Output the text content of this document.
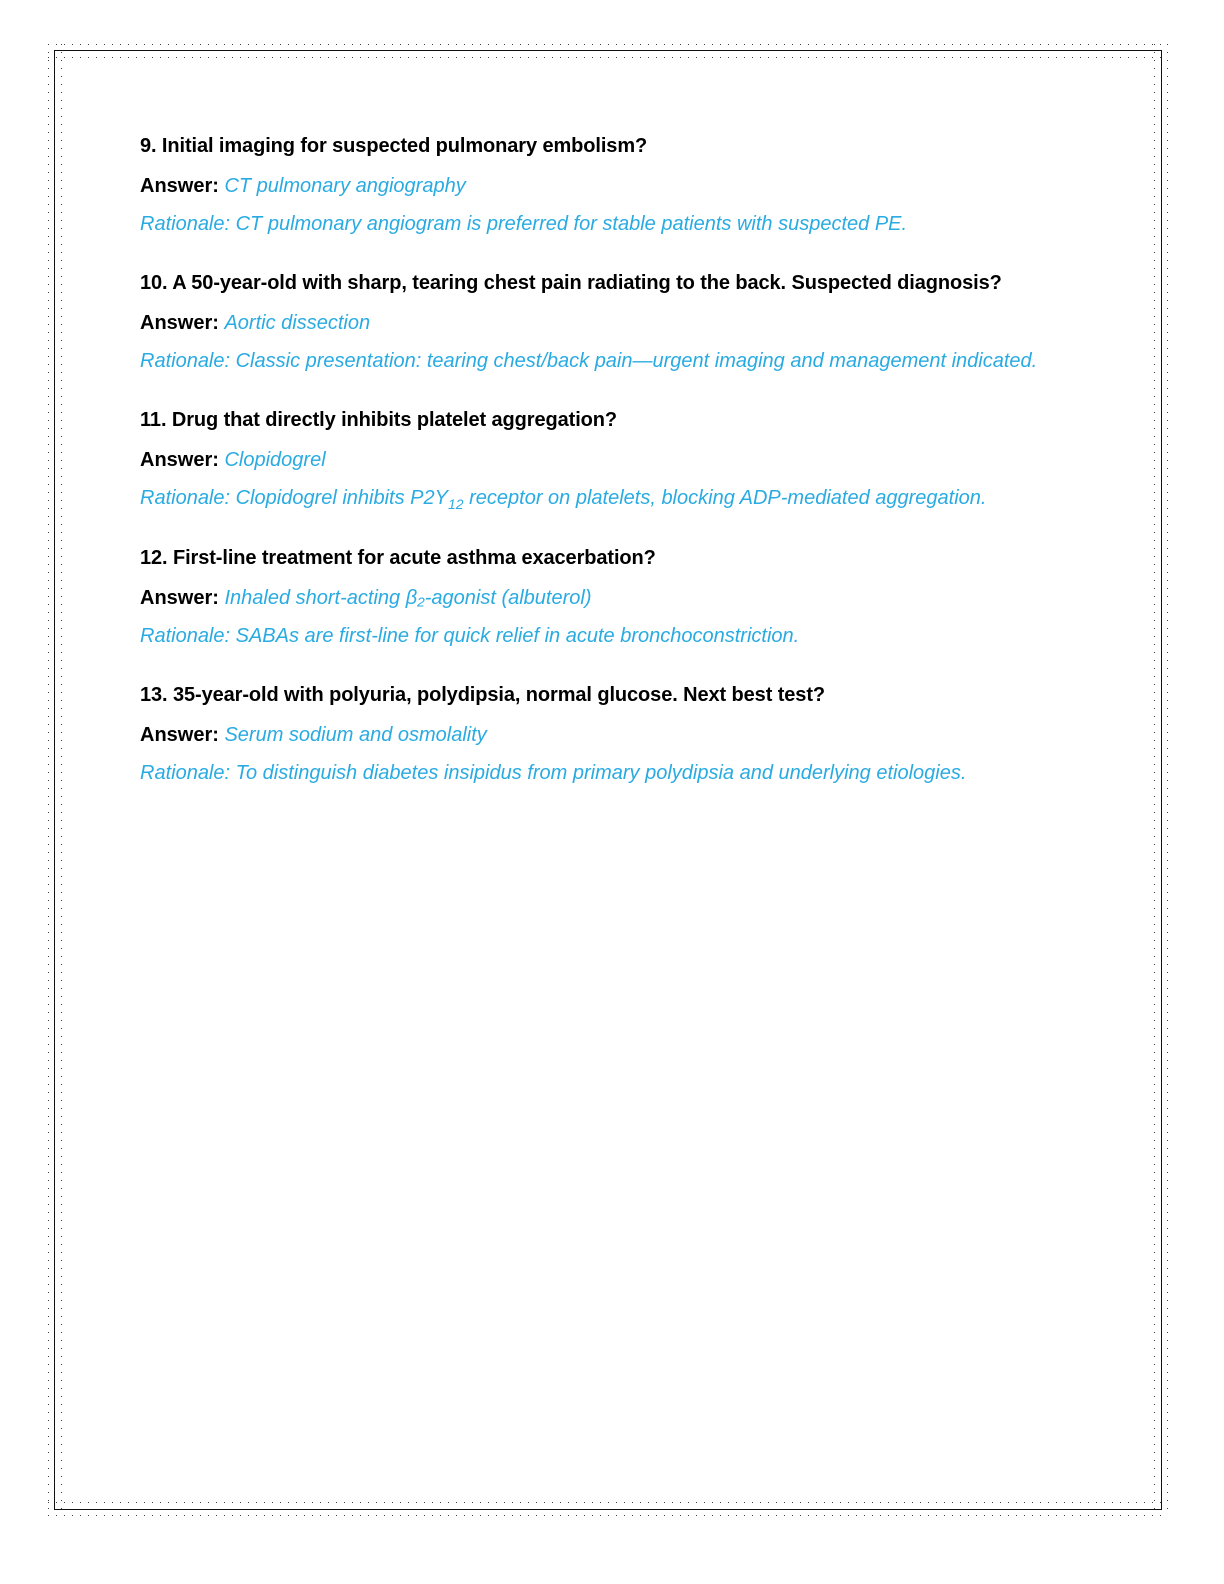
9. Initial imaging for suspected pulmonary embolism?

Answer: CT pulmonary angiography

Rationale: CT pulmonary angiogram is preferred for stable patients with suspected PE.

10. A 50-year-old with sharp, tearing chest pain radiating to the back. Suspected diagnosis?

Answer: Aortic dissection

Rationale: Classic presentation: tearing chest/back pain—urgent imaging and management indicated.

11. Drug that directly inhibits platelet aggregation?

Answer: Clopidogrel

Rationale: Clopidogrel inhibits $P2Y_{12}$ receptor on platelets, blocking ADP-mediated aggregation.

12. First-line treatment for acute asthma exacerbation?

Answer: Inhaled short-acting β₂-agonist (albuterol)

Rationale: SABAs are first-line for quick relief in acute bronchoconstriction.

13. 35-year-old with polyuria, polydipsia, normal glucose. Next best test?

Answer: Serum sodium and osmolality

Rationale: To distinguish diabetes insipidus from primary polydipsia and underlying etiologies.
